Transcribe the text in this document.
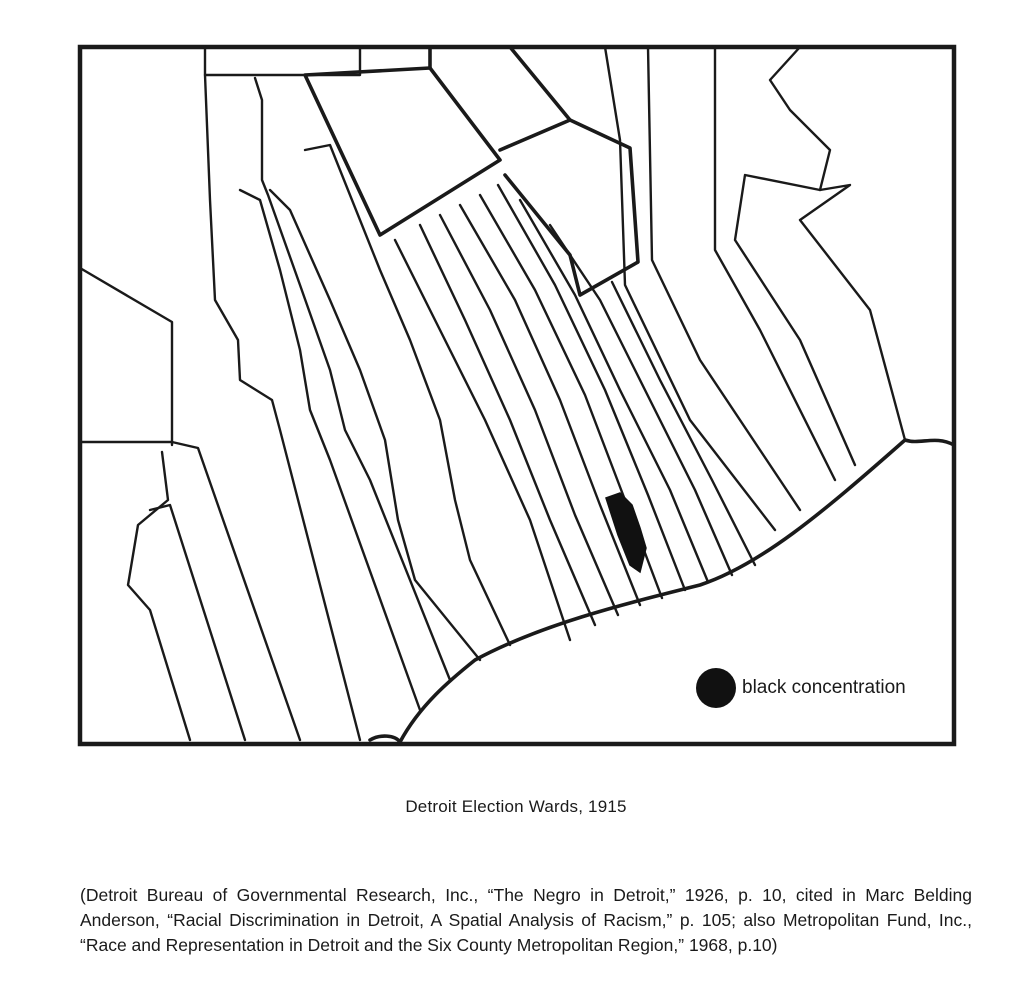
black concentration
Detroit Election Wards, 1915
(Detroit Bureau of Governmental Research, Inc., “The Negro in Detroit,” 1926, p. 10, cited in Marc Belding Anderson, “Racial Discrimination in Detroit, A Spatial Analysis of Racism,” p. 105; also Metropolitan Fund, Inc., “Race and Representation in Detroit and the Six County Metropolitan Region,” 1968, p.10)
